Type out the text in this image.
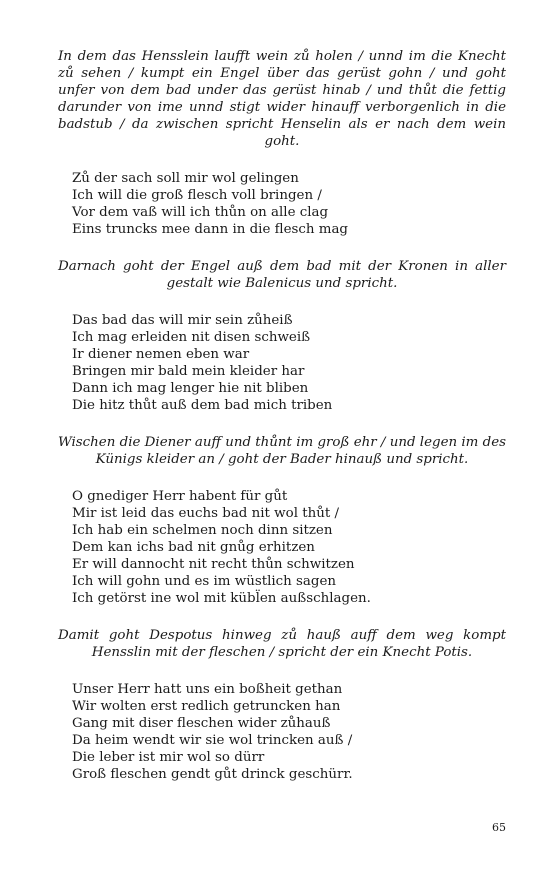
In dem das Hensslein laufft wein zů holen / unnd im die Knecht zů sehen / kumpt ein Engel über das gerüst gohn / und goht unfer von dem bad under das gerüst hinab / und thůt die fettig darunder von ime unnd stigt wider hinauff verborgenlich in die badstub / da zwischen spricht Henselin als er nach dem wein goht.

Zů der sach soll mir wol gelingen
Ich will die groß flesch voll bringen /
Vor dem vaß will ich thůn on alle clag
Eins truncks mee dann in die flesch mag

Darnach goht der Engel auß dem bad mit der Kronen in aller gestalt wie Balenicus und spricht.

Das bad das will mir sein zůheiß
Ich mag erleiden nit disen schweiß
Ir diener nemen eben war
Bringen mir bald mein kleider har
Dann ich mag lenger hie nit bliben
Die hitz thůt auß dem bad mich triben

Wischen die Diener auff und thůnt im groß ehr / und legen im des Künigs kleider an / goht der Bader hinauß und spricht.

O gnediger Herr habent für gůt
Mir ist leid das euchs bad nit wol thůt /
Ich hab ein schelmen noch dinn sitzen
Dem kan ichs bad nit gnůg erhitzen
Er will dannocht nit recht thůn schwitzen
Ich will gohn und es im wüstlich sagen
Ich getörst ine wol mit kübl̈en außschlagen.

Damit goht Despotus hinweg zů hauß auff dem weg kompt Hensslin mit der fleschen / spricht der ein Knecht Potis.

Unser Herr hatt uns ein boßheit gethan
Wir wolten erst redlich getruncken han
Gang mit diser fleschen wider zůhauß
Da heim wendt wir sie wol trincken auß /
Die leber ist mir wol so dürr
Groß fleschen gendt gůt drinck geschürr.
65
